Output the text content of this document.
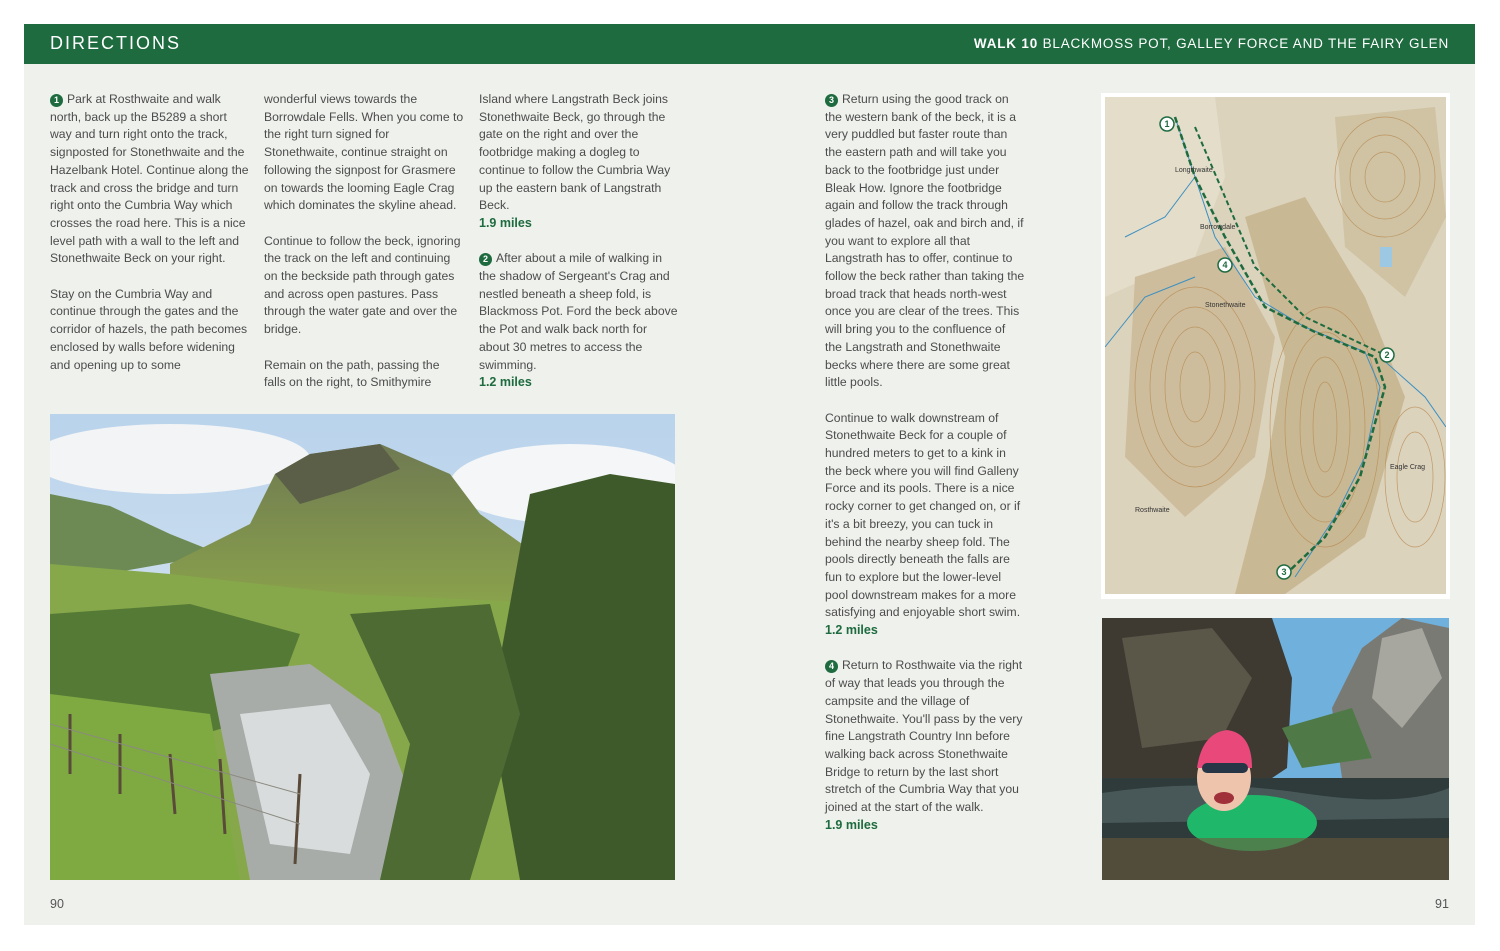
DIRECTIONS	WALK 10 BLACKMOSS POT, GALLEY FORCE AND THE FAIRY GLEN

1 Park at Rosthwaite and walk north, back up the B5289 a short way and turn right onto the track, signposted for Stonethwaite and the Hazelbank Hotel. Continue along the track and cross the bridge and turn right onto the Cumbria Way which crosses the road here. This is a nice level path with a wall to the left and Stonethwaite Beck on your right.

Stay on the Cumbria Way and continue through the gates and the corridor of hazels, the path becomes enclosed by walls before widening and opening up to some

wonderful views towards the Borrowdale Fells. When you come to the right turn signed for Stonethwaite, continue straight on following the signpost for Grasmere on towards the looming Eagle Crag which dominates the skyline ahead.

Continue to follow the beck, ignoring the track on the left and continuing on the beckside path through gates and across open pastures. Pass through the water gate and over the bridge.

Remain on the path, passing the falls on the right, to Smithymire

Island where Langstrath Beck joins Stonethwaite Beck, go through the gate on the right and over the footbridge making a dogleg to continue to follow the Cumbria Way up the eastern bank of Langstrath Beck.

1.9 miles

2 After about a mile of walking in the shadow of Sergeant's Crag and nestled beneath a sheep fold, is Blackmoss Pot. Ford the beck above the Pot and walk back north for about 30 metres to access the swimming.

1.2 miles
90

3 Return using the good track on the western bank of the beck, it is a very puddled but faster route than the eastern path and will take you back to the footbridge just under Bleak How. Ignore the footbridge again and follow the track through glades of hazel, oak and birch and, if you want to explore all that Langstrath has to offer, continue to follow the beck rather than taking the broad track that heads north-west once you are clear of the trees. This will bring you to the confluence of the Langstrath and Stonethwaite becks where there are some great little pools.

Continue to walk downstream of Stonethwaite Beck for a couple of hundred meters to get to a kink in the beck where you will find Galleny Force and its pools. There is a nice rocky corner to get changed on, or if it's a bit breezy, you can tuck in behind the nearby sheep fold. The pools directly beneath the falls are fun to explore but the lower-level pool downstream makes for a more satisfying and enjoyable short swim.

1.2 miles

4 Return to Rosthwaite via the right of way that leads you through the campsite and the village of Stonethwaite. You'll pass by the very fine Langstrath Country Inn before walking back across Stonethwaite Bridge to return by the last short stretch of the Cumbria Way that you joined at the start of the walk.

1.9 miles
Longthwaite
Borrowdale
Rosthwaite
Eagle Crag
Stonethwaite
1
2
3
4
91
